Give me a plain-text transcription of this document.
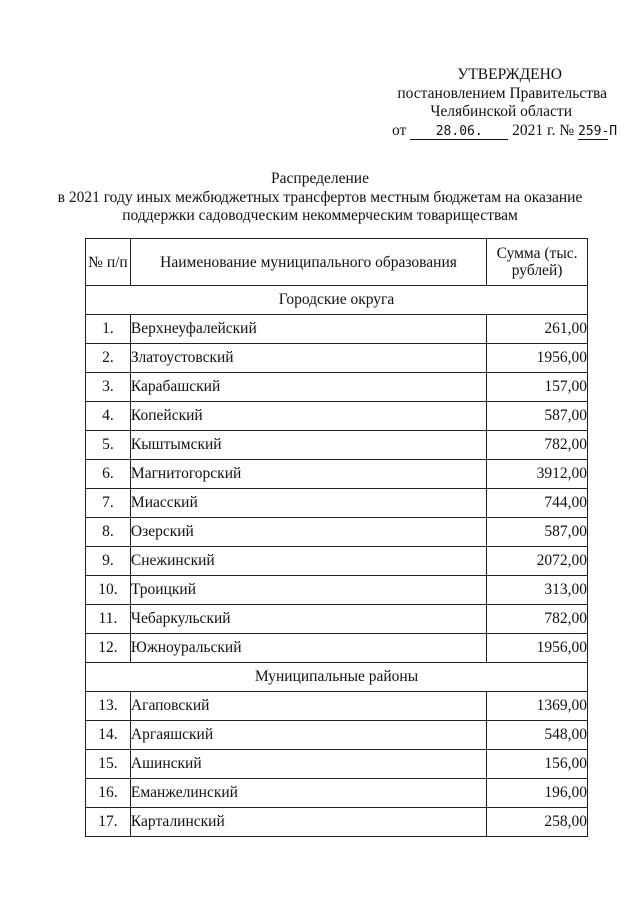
УТВЕРЖДЕНО
постановлением Правительства
Челябинской области
от 28.06. 2021 г. № 259-П
Распределение
в 2021 году иных межбюджетных трансфертов местным бюджетам на оказание
поддержки садоводческим некоммерческим товариществам
№ п/п	Наименование муниципального образования	Сумма (тыс. рублей)
Городские округа		
1.	Верхнеуфалейский	261,00
2.	Златоустовский	1956,00
3.	Карабашский	157,00
4.	Копейский	587,00
5.	Кыштымский	782,00
6.	Магнитогорский	3912,00
7.	Миасский	744,00
8.	Озерский	587,00
9.	Снежинский	2072,00
10.	Троицкий	313,00
11.	Чебаркульский	782,00
12.	Южноуральский	1956,00
Муниципальные районы		
13.	Агаповский	1369,00
14.	Аргаяшский	548,00
15.	Ашинский	156,00
16.	Еманжелинский	196,00
17.	Карталинский	258,00
